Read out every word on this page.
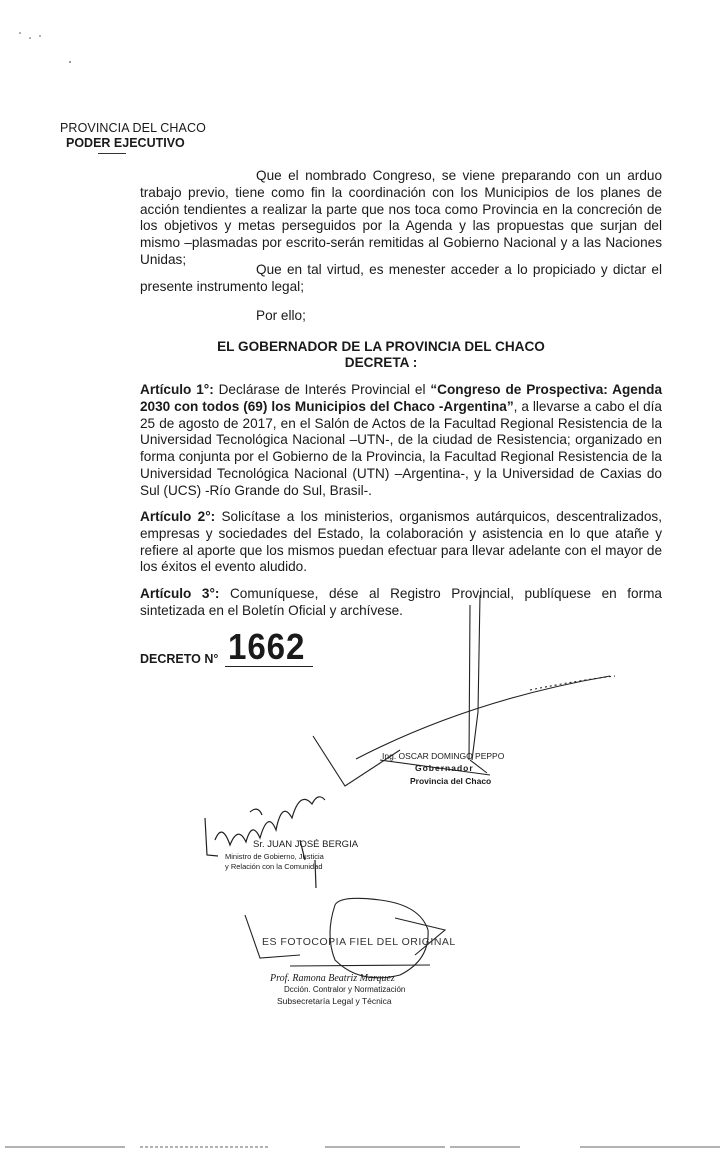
PROVINCIA DEL CHACO
PODER EJECUTIVO
Que el nombrado Congreso, se viene preparando con un arduo trabajo previo, tiene como fin la coordinación con los Municipios de los planes de acción tendientes a realizar la parte que nos toca como Provincia en la concreción de los objetivos y metas perseguidos por la Agenda y las propuestas que surjan del mismo –plasmadas por escrito-serán remitidas al Gobierno Nacional y a las Naciones Unidas;
Que en tal virtud, es menester acceder a lo propiciado y dictar el presente instrumento legal;
Por ello;
EL GOBERNADOR DE LA PROVINCIA DEL CHACO
DECRETA :
Artículo 1°: Declárase de Interés Provincial el “Congreso de Prospectiva: Agenda 2030 con todos (69) los Municipios del Chaco -Argentina”, a llevarse a cabo el día 25 de agosto de 2017, en el Salón de Actos de la Facultad Regional Resistencia de la Universidad Tecnológica Nacional –UTN-, de la ciudad de Resistencia; organizado en forma conjunta por el Gobierno de la Provincia, la Facultad Regional Resistencia de la Universidad Tecnológica Nacional (UTN) –Argentina-, y la Universidad de Caxias do Sul (UCS) -Río Grande do Sul, Brasil-.
Artículo 2°: Solicítase a los ministerios, organismos autárquicos, descentralizados, empresas y sociedades del Estado, la colaboración y asistencia en lo que atañe y refiere al aporte que los mismos puedan efectuar para llevar adelante con el mayor de los éxitos el evento aludido.
Artículo 3°: Comuníquese, dése al Registro Provincial, publíquese en forma sintetizada en el Boletín Oficial y archívese.
DECRETO N° 1662
Ing. OSCAR DOMINGO PEPPO
Gobernador
Provincia del Chaco
Sr. JUAN JOSÉ BERGIA
Ministro de Gobierno, Justicia
y Relación con la Comunidad
ES FOTOCOPIA FIEL DEL ORIGINAL
Prof. Ramona Beatriz Marquez
Dcción. Contralor y Normatización
Subsecretaría Legal y Técnica
